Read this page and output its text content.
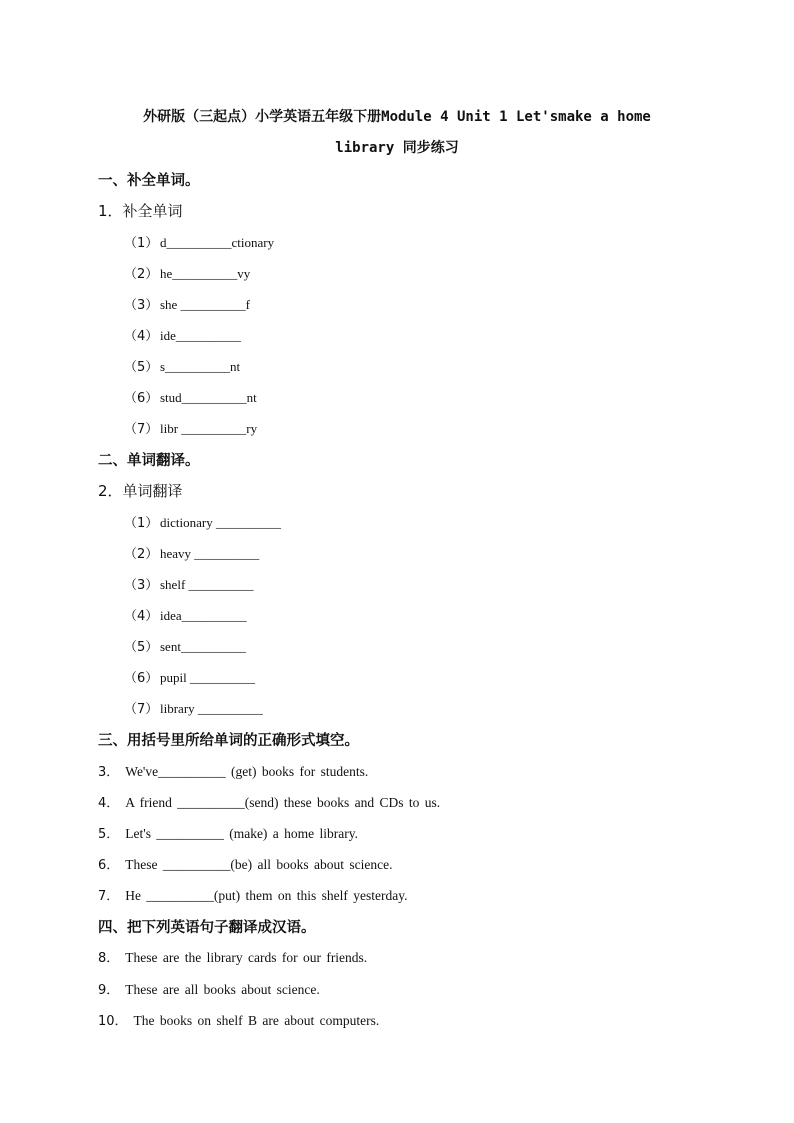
外研版（三起点）小学英语五年级下册Module 4 Unit 1 Let'smake a home
library 同步练习
一、补全单词。
1．补全单词
（1） d__________ctionary
（2） he__________vy
（3） she __________f
（4） ide__________
（5） s__________nt
（6） stud__________nt
（7） libr __________ry
二、单词翻译。
2．单词翻译
（1） dictionary __________
（2） heavy __________
（3） shelf __________
（4） idea__________
（5） sent__________
（6） pupil __________
（7） library __________
三、用括号里所给单词的正确形式填空。
3． We've__________ (get) books for students.
4． A friend __________(send) these books and CDs to us.
5． Let's __________ (make) a home library.
6． These __________(be) all books about science.
7． He __________(put) them on this shelf yesterday.
四、把下列英语句子翻译成汉语。
8． These are the library cards for our friends.
9． These are all books about science.
10． The books on shelf B are about computers.
